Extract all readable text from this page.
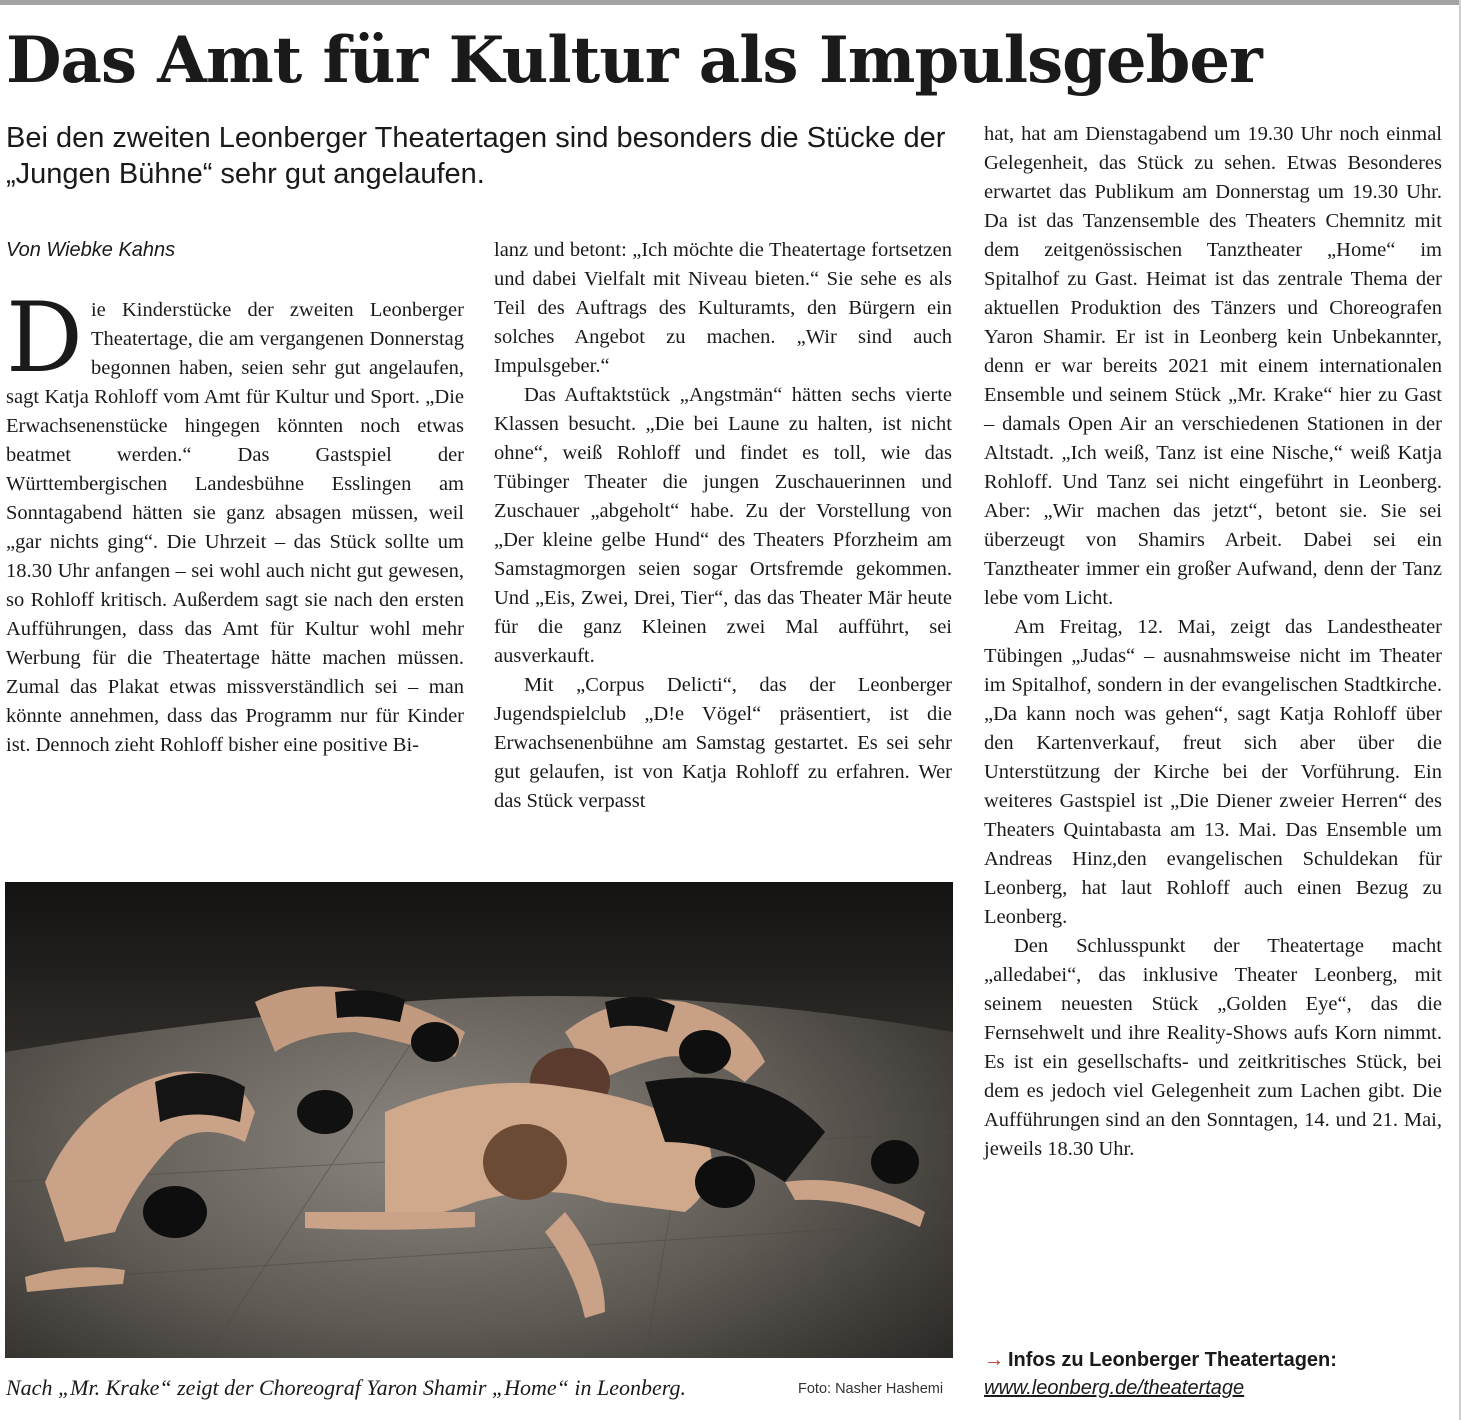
Das Amt für Kultur als Impulsgeber
Bei den zweiten Leonberger Theatertagen sind besonders die Stücke der „Jungen Bühne“ sehr gut angelaufen.

Von Wiebke Kahns

Die Kinderstücke der zweiten Leonberger Theatertage, die am vergangenen Donnerstag begonnen haben, seien sehr gut angelaufen, sagt Katja Rohloff vom Amt für Kultur und Sport. „Die Erwachsenenstücke hingegen könnten noch etwas beatmet werden.“ Das Gastspiel der Württembergischen Landesbühne Esslingen am Sonntagabend hätten sie ganz absagen müssen, weil „gar nichts ging“. Die Uhrzeit – das Stück sollte um 18.30 Uhr anfangen – sei wohl auch nicht gut gewesen, so Rohloff kritisch. Außerdem sagt sie nach den ersten Aufführungen, dass das Amt für Kultur wohl mehr Werbung für die Theatertage hätte machen müssen. Zumal das Plakat etwas missverständlich sei – man könnte annehmen, dass das Programm nur für Kinder ist. Dennoch zieht Rohloff bisher eine positive Bi-

lanz und betont: „Ich möchte die Theatertage fortsetzen und dabei Vielfalt mit Niveau bieten.“ Sie sehe es als Teil des Auftrags des Kulturamts, den Bürgern ein solches Angebot zu machen. „Wir sind auch Impulsgeber.“

Das Auftaktstück „Angstmän“ hätten sechs vierte Klassen besucht. „Die bei Laune zu halten, ist nicht ohne“, weiß Rohloff und findet es toll, wie das Tübinger Theater die jungen Zuschauerinnen und Zuschauer „abgeholt“ habe. Zu der Vorstellung von „Der kleine gelbe Hund“ des Theaters Pforzheim am Samstagmorgen seien sogar Ortsfremde gekommen. Und „Eis, Zwei, Drei, Tier“, das das Theater Mär heute für die ganz Kleinen zwei Mal aufführt, sei ausverkauft.

Mit „Corpus Delicti“, das der Leonberger Jugendspielclub „D!e Vögel“ präsentiert, ist die Erwachsenenbühne am Samstag gestartet. Es sei sehr gut gelaufen, ist von Katja Rohloff zu erfahren. Wer das Stück verpasst

hat, hat am Dienstagabend um 19.30 Uhr noch einmal Gelegenheit, das Stück zu sehen. Etwas Besonderes erwartet das Publikum am Donnerstag um 19.30 Uhr. Da ist das Tanzensemble des Theaters Chemnitz mit dem zeitgenössischen Tanztheater „Home“ im Spitalhof zu Gast. Heimat ist das zentrale Thema der aktuellen Produktion des Tänzers und Choreografen Yaron Shamir. Er ist in Leonberg kein Unbekannter, denn er war bereits 2021 mit einem internationalen Ensemble und seinem Stück „Mr. Krake“ hier zu Gast – damals Open Air an verschiedenen Stationen in der Altstadt. „Ich weiß, Tanz ist eine Nische,“ weiß Katja Rohloff. Und Tanz sei nicht eingeführt in Leonberg. Aber: „Wir machen das jetzt“, betont sie. Sie sei überzeugt von Shamirs Arbeit. Dabei sei ein Tanztheater immer ein großer Aufwand, denn der Tanz lebe vom Licht.

Am Freitag, 12. Mai, zeigt das Landestheater Tübingen „Judas“ – ausnahmsweise nicht im Theater im Spitalhof, sondern in der evangelischen Stadtkirche. „Da kann noch was gehen“, sagt Katja Rohloff über den Kartenverkauf, freut sich aber über die Unterstützung der Kirche bei der Vorführung. Ein weiteres Gastspiel ist „Die Diener zweier Herren“ des Theaters Quintabasta am 13. Mai. Das Ensemble um Andreas Hinz,den evangelischen Schuldekan für Leonberg, hat laut Rohloff auch einen Bezug zu Leonberg.

Den Schlusspunkt der Theatertage macht „alledabei“, das inklusive Theater Leonberg, mit seinem neuesten Stück „Golden Eye“, das die Fernsehwelt und ihre Reality-Shows aufs Korn nimmt. Es ist ein gesellschafts- und zeitkritisches Stück, bei dem es jedoch viel Gelegenheit zum Lachen gibt. Die Aufführungen sind an den Sonntagen, 14. und 21. Mai, jeweils 18.30 Uhr.

Nach „Mr. Krake“ zeigt der Choreograf Yaron Shamir „Home“ in Leonberg.	Foto: Nasher Hashemi

→ Infos zu Leonberger Theatertagen:

www.leonberg.de/theatertage
